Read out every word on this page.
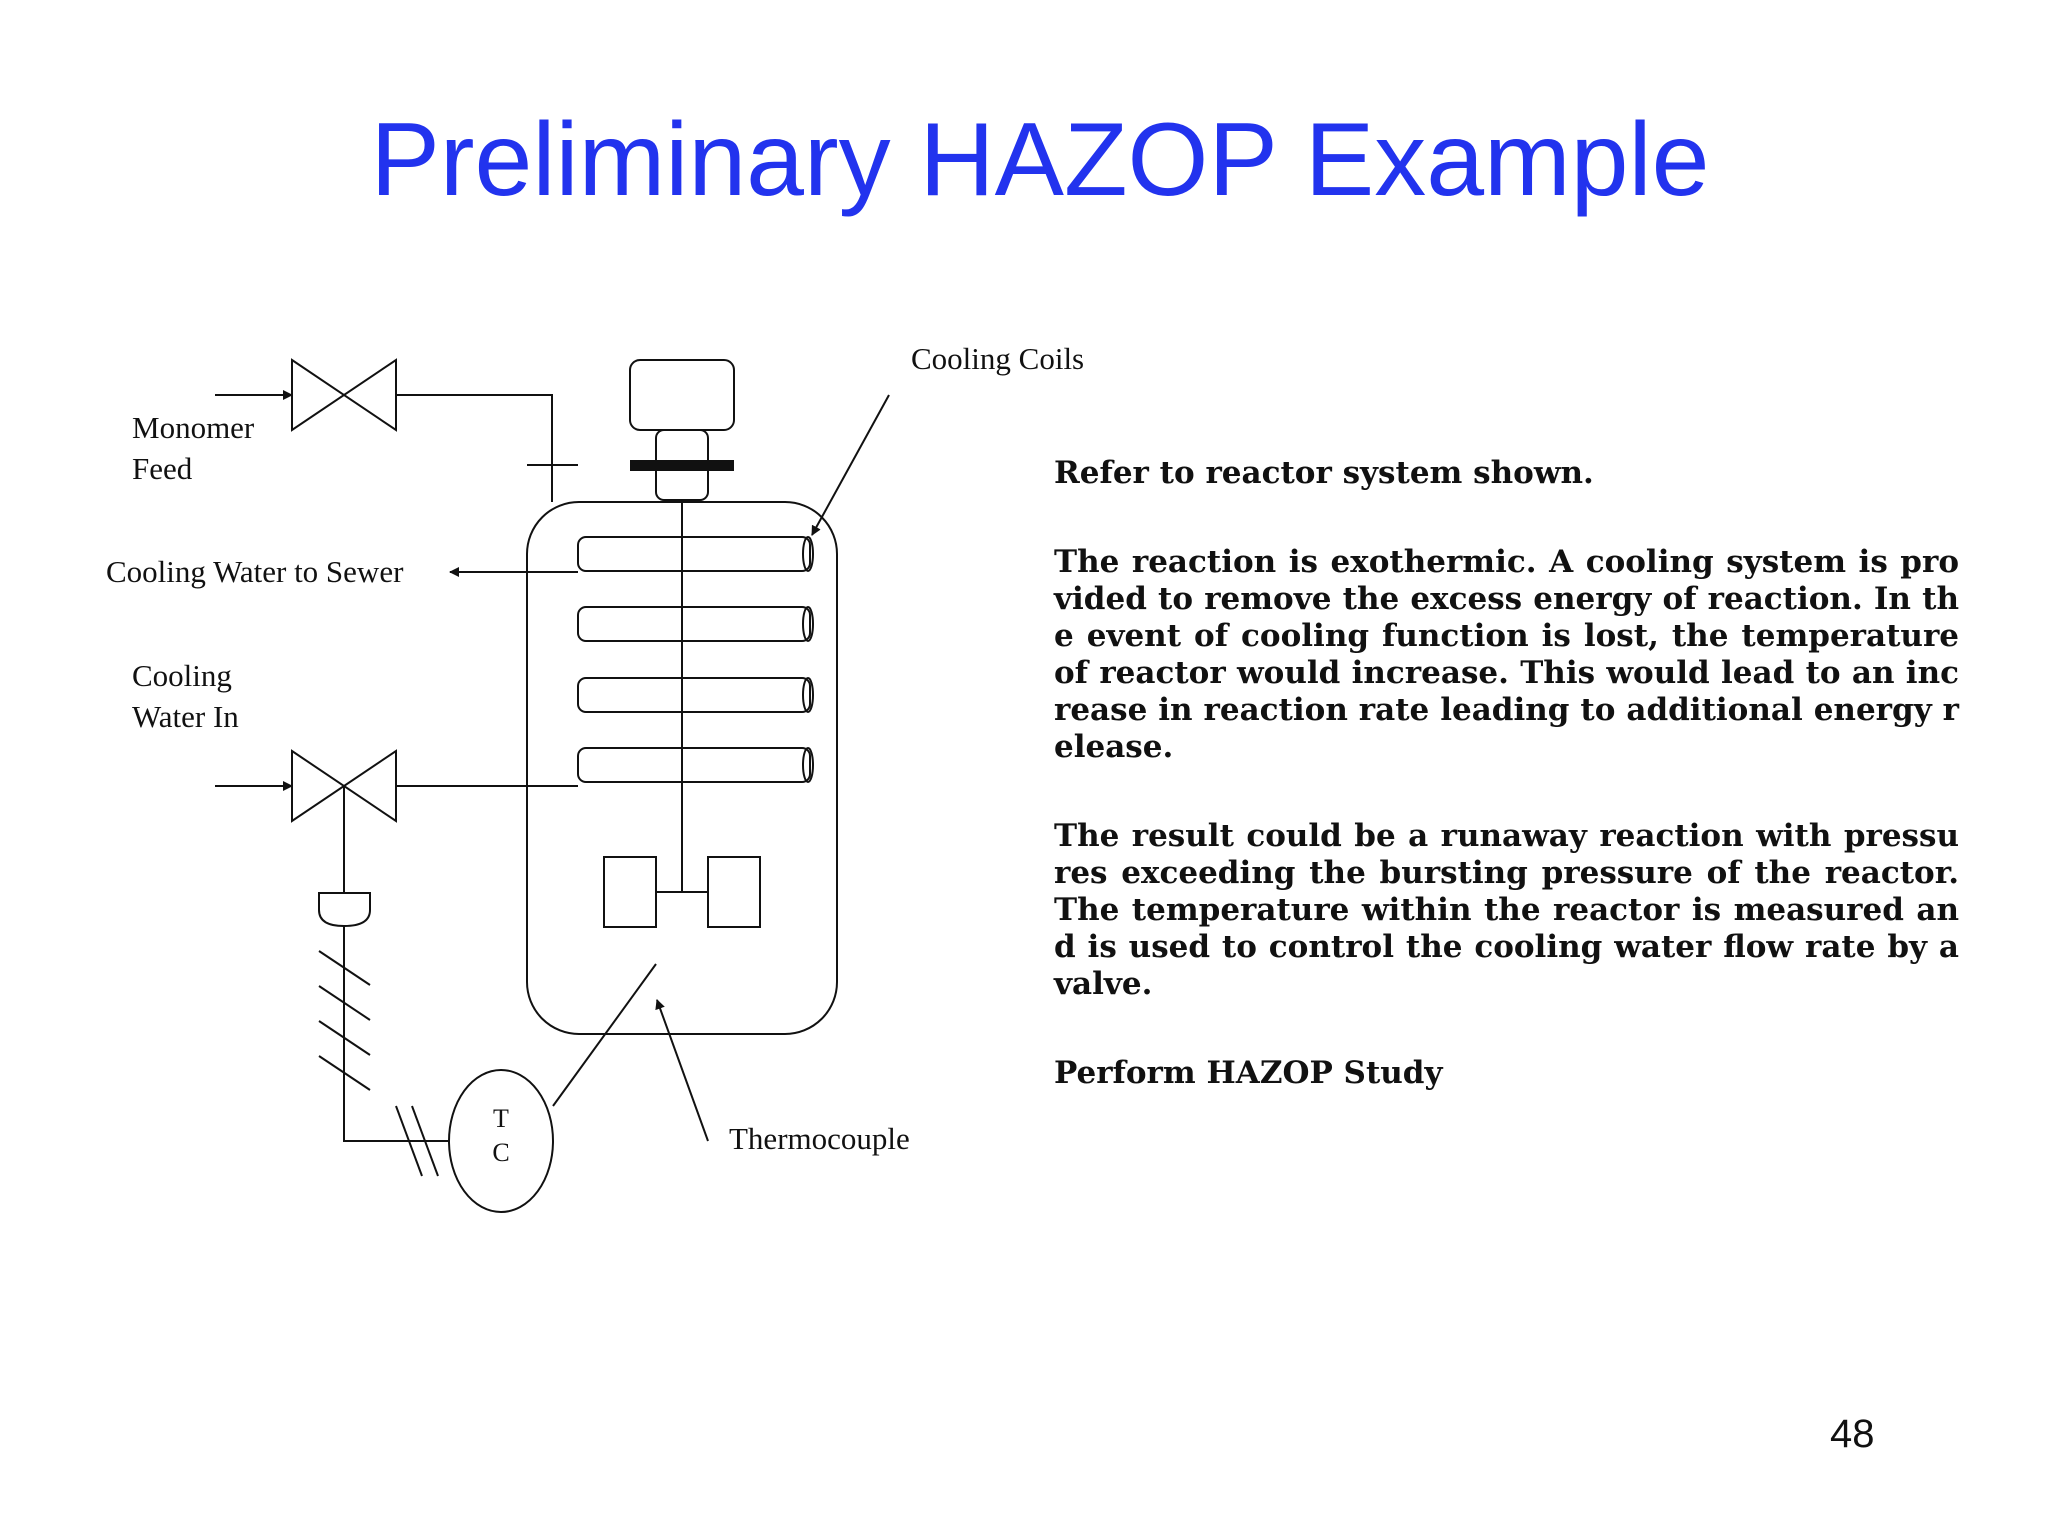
Preliminary HAZOP Example
Cooling Coils
Monomer
Feed
Cooling Water to Sewer
Cooling
Water In
Thermocouple
T
C

Refer to reactor system shown.

The reaction is exothermic. A cooling system is provided to remove the excess energy of reaction. In the event of cooling function is lost, the temperature of reactor would increase. This would lead to an increase in reaction rate leading to additional energy release.

The result could be a runaway reaction with pressures exceeding the bursting pressure of the reactor. The temperature within the reactor is measured and is used to control the cooling water flow rate by a valve.

Perform HAZOP Study

48
